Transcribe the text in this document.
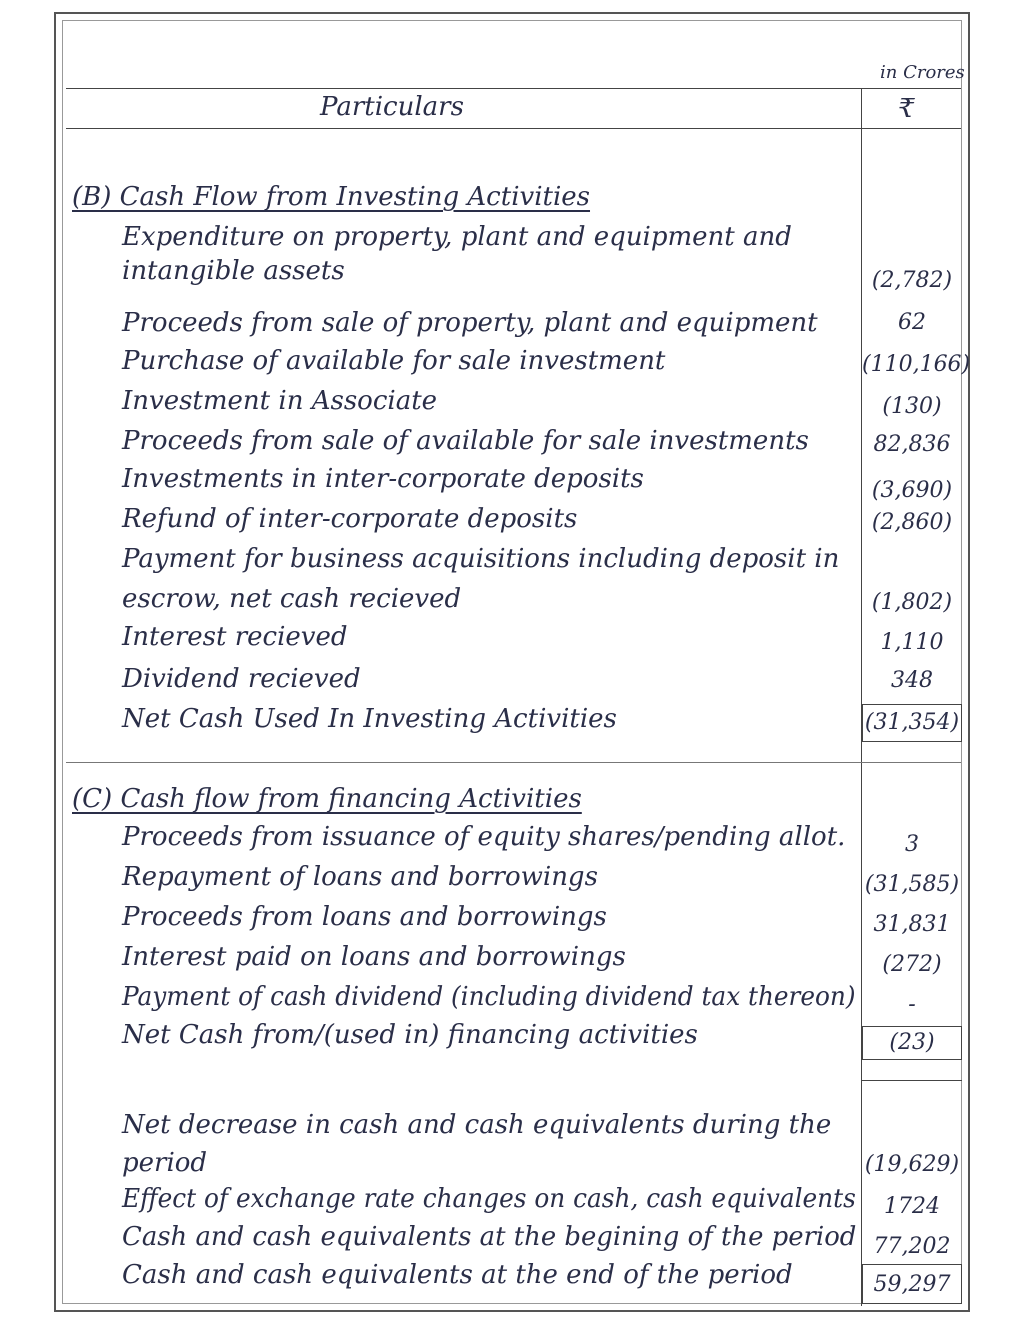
in Crores
Particulars	₹
(B) Cash Flow from Investing Activities
Expenditure on property, plant and equipment and
intangible assets	(2,782)
Proceeds from sale of property, plant and equipment	62
Purchase of available for sale investment	(110,166)
Investment in Associate	(130)
Proceeds from sale of available for sale investments	82,836
Investments in inter-corporate deposits	(3,690)
Refund of inter-corporate deposits	(2,860)
Payment for business acquisitions including deposit in
escrow, net cash recieved	(1,802)
Interest recieved	1,110
Dividend recieved	348
Net Cash Used In Investing Activities	(31,354)
(C) Cash flow from financing Activities
Proceeds from issuance of equity shares/pending allot.	3
Repayment of loans and borrowings	(31,585)
Proceeds from loans and borrowings	31,831
Interest paid on loans and borrowings	(272)
Payment of cash dividend (including dividend tax thereon)	-
Net Cash from/(used in) financing activities	(23)
Net decrease in cash and cash equivalents during the
period	(19,629)
Effect of exchange rate changes on cash, cash equivalents	1724
Cash and cash equivalents at the begining of the period 77,202
Cash and cash equivalents at the end of the period	59,297
